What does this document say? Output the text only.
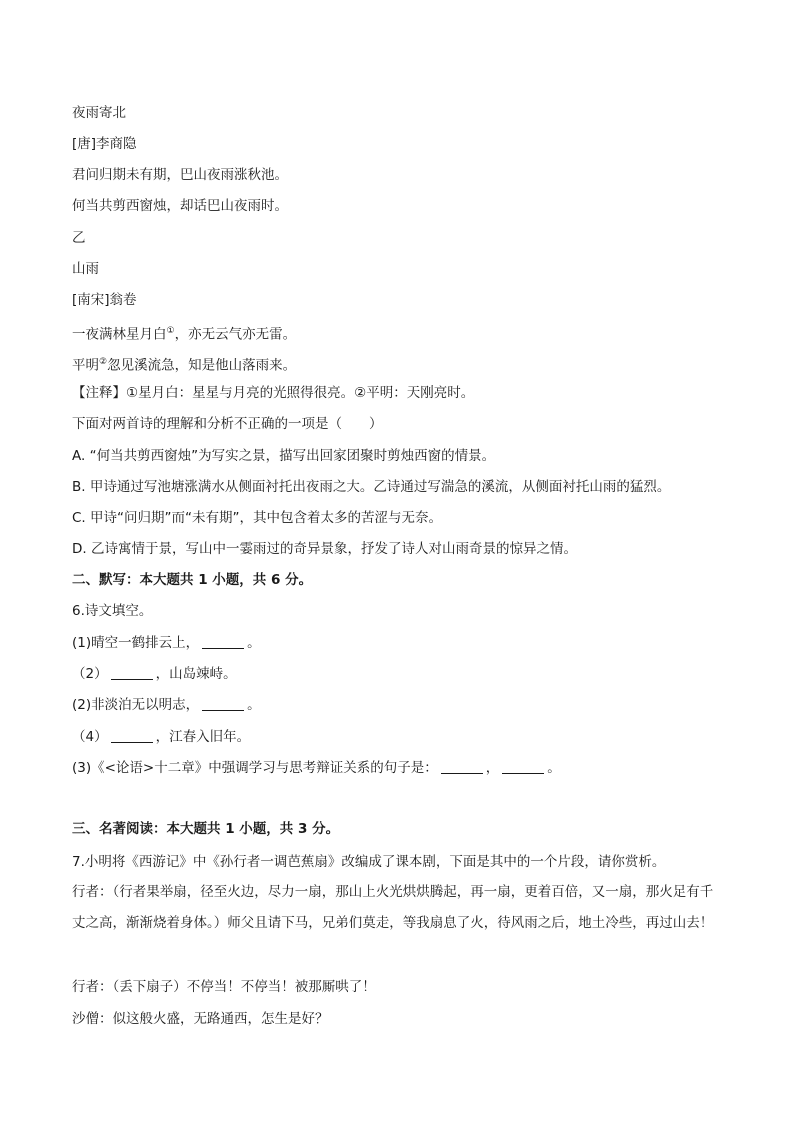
夜雨寄北
[唐]李商隐
君问归期未有期，巴山夜雨涨秋池。
何当共剪西窗烛，却话巴山夜雨时。
乙
山雨
[南宋]翁卷
一夜满林星月白①，亦无云气亦无雷。
平明②忽见溪流急，知是他山落雨来。
【注释】①星月白：星星与月亮的光照得很亮。②平明：天刚亮时。
下面对两首诗的理解和分析不正确的一项是（　　）
A. “何当共剪西窗烛”为写实之景，描写出回家团聚时剪烛西窗的情景。
B. 甲诗通过写池塘涨满水从侧面衬托出夜雨之大。乙诗通过写湍急的溪流，从侧面衬托山雨的猛烈。
C. 甲诗“问归期”而“未有期”，其中包含着太多的苦涩与无奈。
D. 乙诗寓情于景，写山中一霎雨过的奇异景象，抒发了诗人对山雨奇景的惊异之情。
二、默写：本大题共 1 小题，共 6 分。
6.诗文填空。
(1)晴空一鹤排云上，	。
（2）	，山岛竦峙。
(2)非淡泊无以明志，	。
（4）	，江春入旧年。
(3)《<论语>十二章》中强调学习与思考辩证关系的句子是：	，	。
三、名著阅读：本大题共 1 小题，共 3 分。
7.小明将《西游记》中《孙行者一调芭蕉扇》改编成了课本剧，下面是其中的一个片段，请你赏析。
行者：（行者果举扇，径至火边，尽力一扇，那山上火光烘烘腾起，再一扇，更着百倍，又一扇，那火足有千丈之高，渐渐烧着身体。）师父且请下马，兄弟们莫走，等我扇息了火，待风雨之后，地土冷些，再过山去！
行者：（丢下扇子）不停当！不停当！被那厮哄了！
沙僧：似这般火盛，无路通西，怎生是好？
